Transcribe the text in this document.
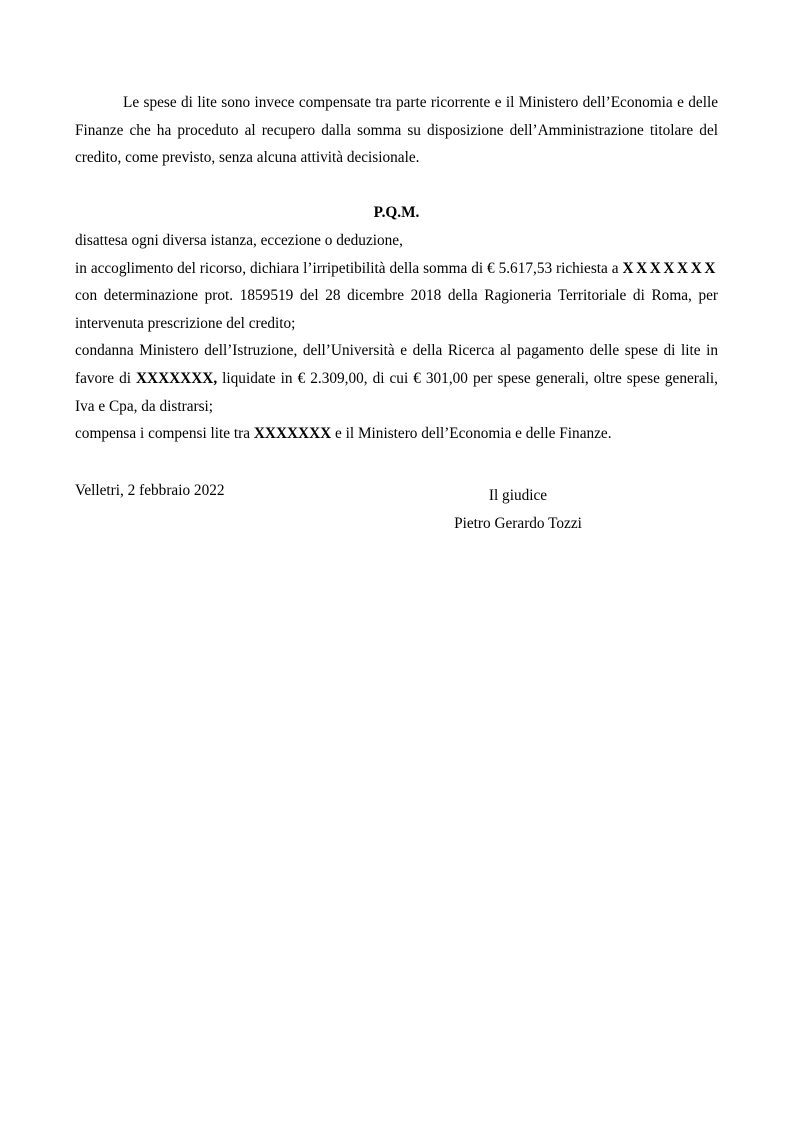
Le spese di lite sono invece compensate tra parte ricorrente e il Ministero dell’Economia e delle Finanze che ha proceduto al recupero dalla somma su disposizione dell’Amministrazione titolare del credito, come previsto, senza alcuna attività decisionale.

P.Q.M.

disattesa ogni diversa istanza, eccezione o deduzione,

in accoglimento del ricorso, dichiara l’irripetibilità della somma di € 5.617,53 richiesta a XXXXXXX con determinazione prot. 1859519 del 28 dicembre 2018 della Ragioneria Territoriale di Roma, per intervenuta prescrizione del credito;

condanna Ministero dell’Istruzione, dell’Università e della Ricerca al pagamento delle spese di lite in favore di XXXXXXX, liquidate in € 2.309,00, di cui € 301,00 per spese generali, oltre spese generali, Iva e Cpa, da distrarsi;

compensa i compensi lite tra XXXXXXX e il Ministero dell’Economia e delle Finanze.

Velletri, 2 febbraio 2022	Il giudice
Pietro Gerardo Tozzi
